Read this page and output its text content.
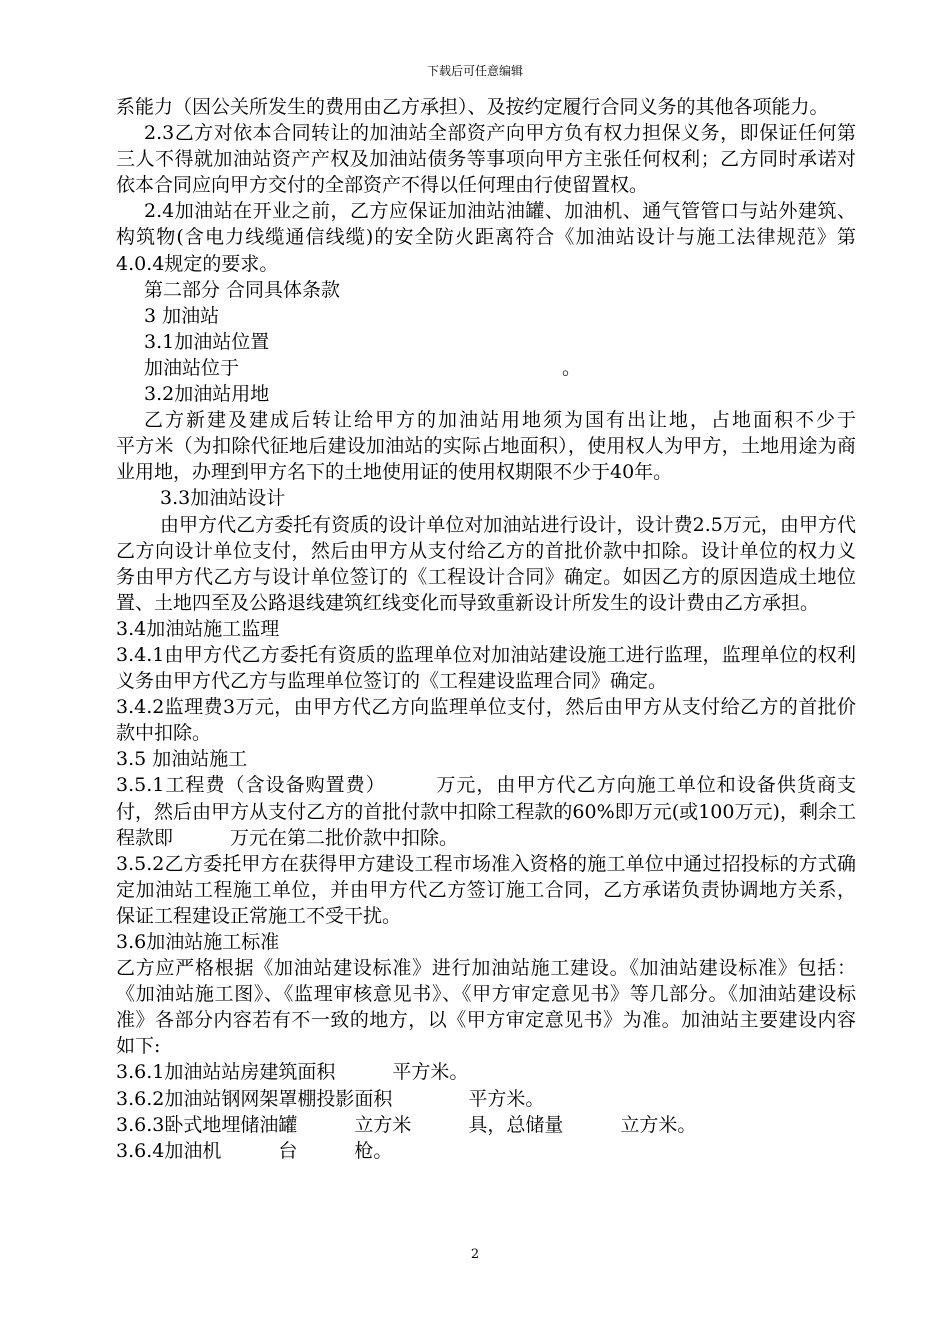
下载后可任意编辑

系能力（因公关所发生的费用由乙方承担）、及按约定履行合同义务的其他各项能力。

2.3乙方对依本合同转让的加油站全部资产向甲方负有权力担保义务，即保证任何第三人不得就加油站资产产权及加油站债务等事项向甲方主张任何权利；乙方同时承诺对依本合同应向甲方交付的全部资产不得以任何理由行使留置权。

2.4加油站在开业之前，乙方应保证加油站油罐、加油机、通气管管口与站外建筑、构筑物(含电力线缆通信线缆)的安全防火距离符合《加油站设计与施工法律规范》第4.0.4规定的要求。

第二部分 合同具体条款

3 加油站

3.1加油站位置

加油站位于　　　　　　　　　　　　　　　　　。

3.2加油站用地

乙方新建及建成后转让给甲方的加油站用地须为国有出让地，占地面积不少于　　　　平方米（为扣除代征地后建设加油站的实际占地面积），使用权人为甲方，土地用途为商业用地，办理到甲方名下的土地使用证的使用权期限不少于40年。

3.3加油站设计

由甲方代乙方委托有资质的设计单位对加油站进行设计，设计费2.5万元，由甲方代乙方向设计单位支付，然后由甲方从支付给乙方的首批价款中扣除。设计单位的权力义务由甲方代乙方与设计单位签订的《工程设计合同》确定。如因乙方的原因造成土地位置、土地四至及公路退线建筑红线变化而导致重新设计所发生的设计费由乙方承担。

3.4加油站施工监理

3.4.1由甲方代乙方委托有资质的监理单位对加油站建设施工进行监理，监理单位的权利义务由甲方代乙方与监理单位签订的《工程建设监理合同》确定。

3.4.2监理费3万元，由甲方代乙方向监理单位支付，然后由甲方从支付给乙方的首批价款中扣除。

3.5 加油站施工

3.5.1工程费（含设备购置费）　　　万元，由甲方代乙方向施工单位和设备供货商支付，然后由甲方从支付乙方的首批付款中扣除工程款的60%即万元(或100万元)，剩余工程款即　　　万元在第二批价款中扣除。

3.5.2乙方委托甲方在获得甲方建设工程市场准入资格的施工单位中通过招投标的方式确定加油站工程施工单位，并由甲方代乙方签订施工合同，乙方承诺负责协调地方关系，保证工程建设正常施工不受干扰。

3.6加油站施工标准

乙方应严格根据《加油站建设标准》进行加油站施工建设。《加油站建设标准》包括：《加油站施工图》、《监理审核意见书》、《甲方审定意见书》等几部分。《加油站建设标准》各部分内容若有不一致的地方，以《甲方审定意见书》为准。加油站主要建设内容如下:

3.6.1加油站站房建筑面积　　　平方米。

3.6.2加油站钢网架罩棚投影面积　　　　平方米。

3.6.3卧式地埋储油罐　　　立方米　　　具，总储量　　　立方米。

3.6.4加油机　　　台　　　枪。

2
